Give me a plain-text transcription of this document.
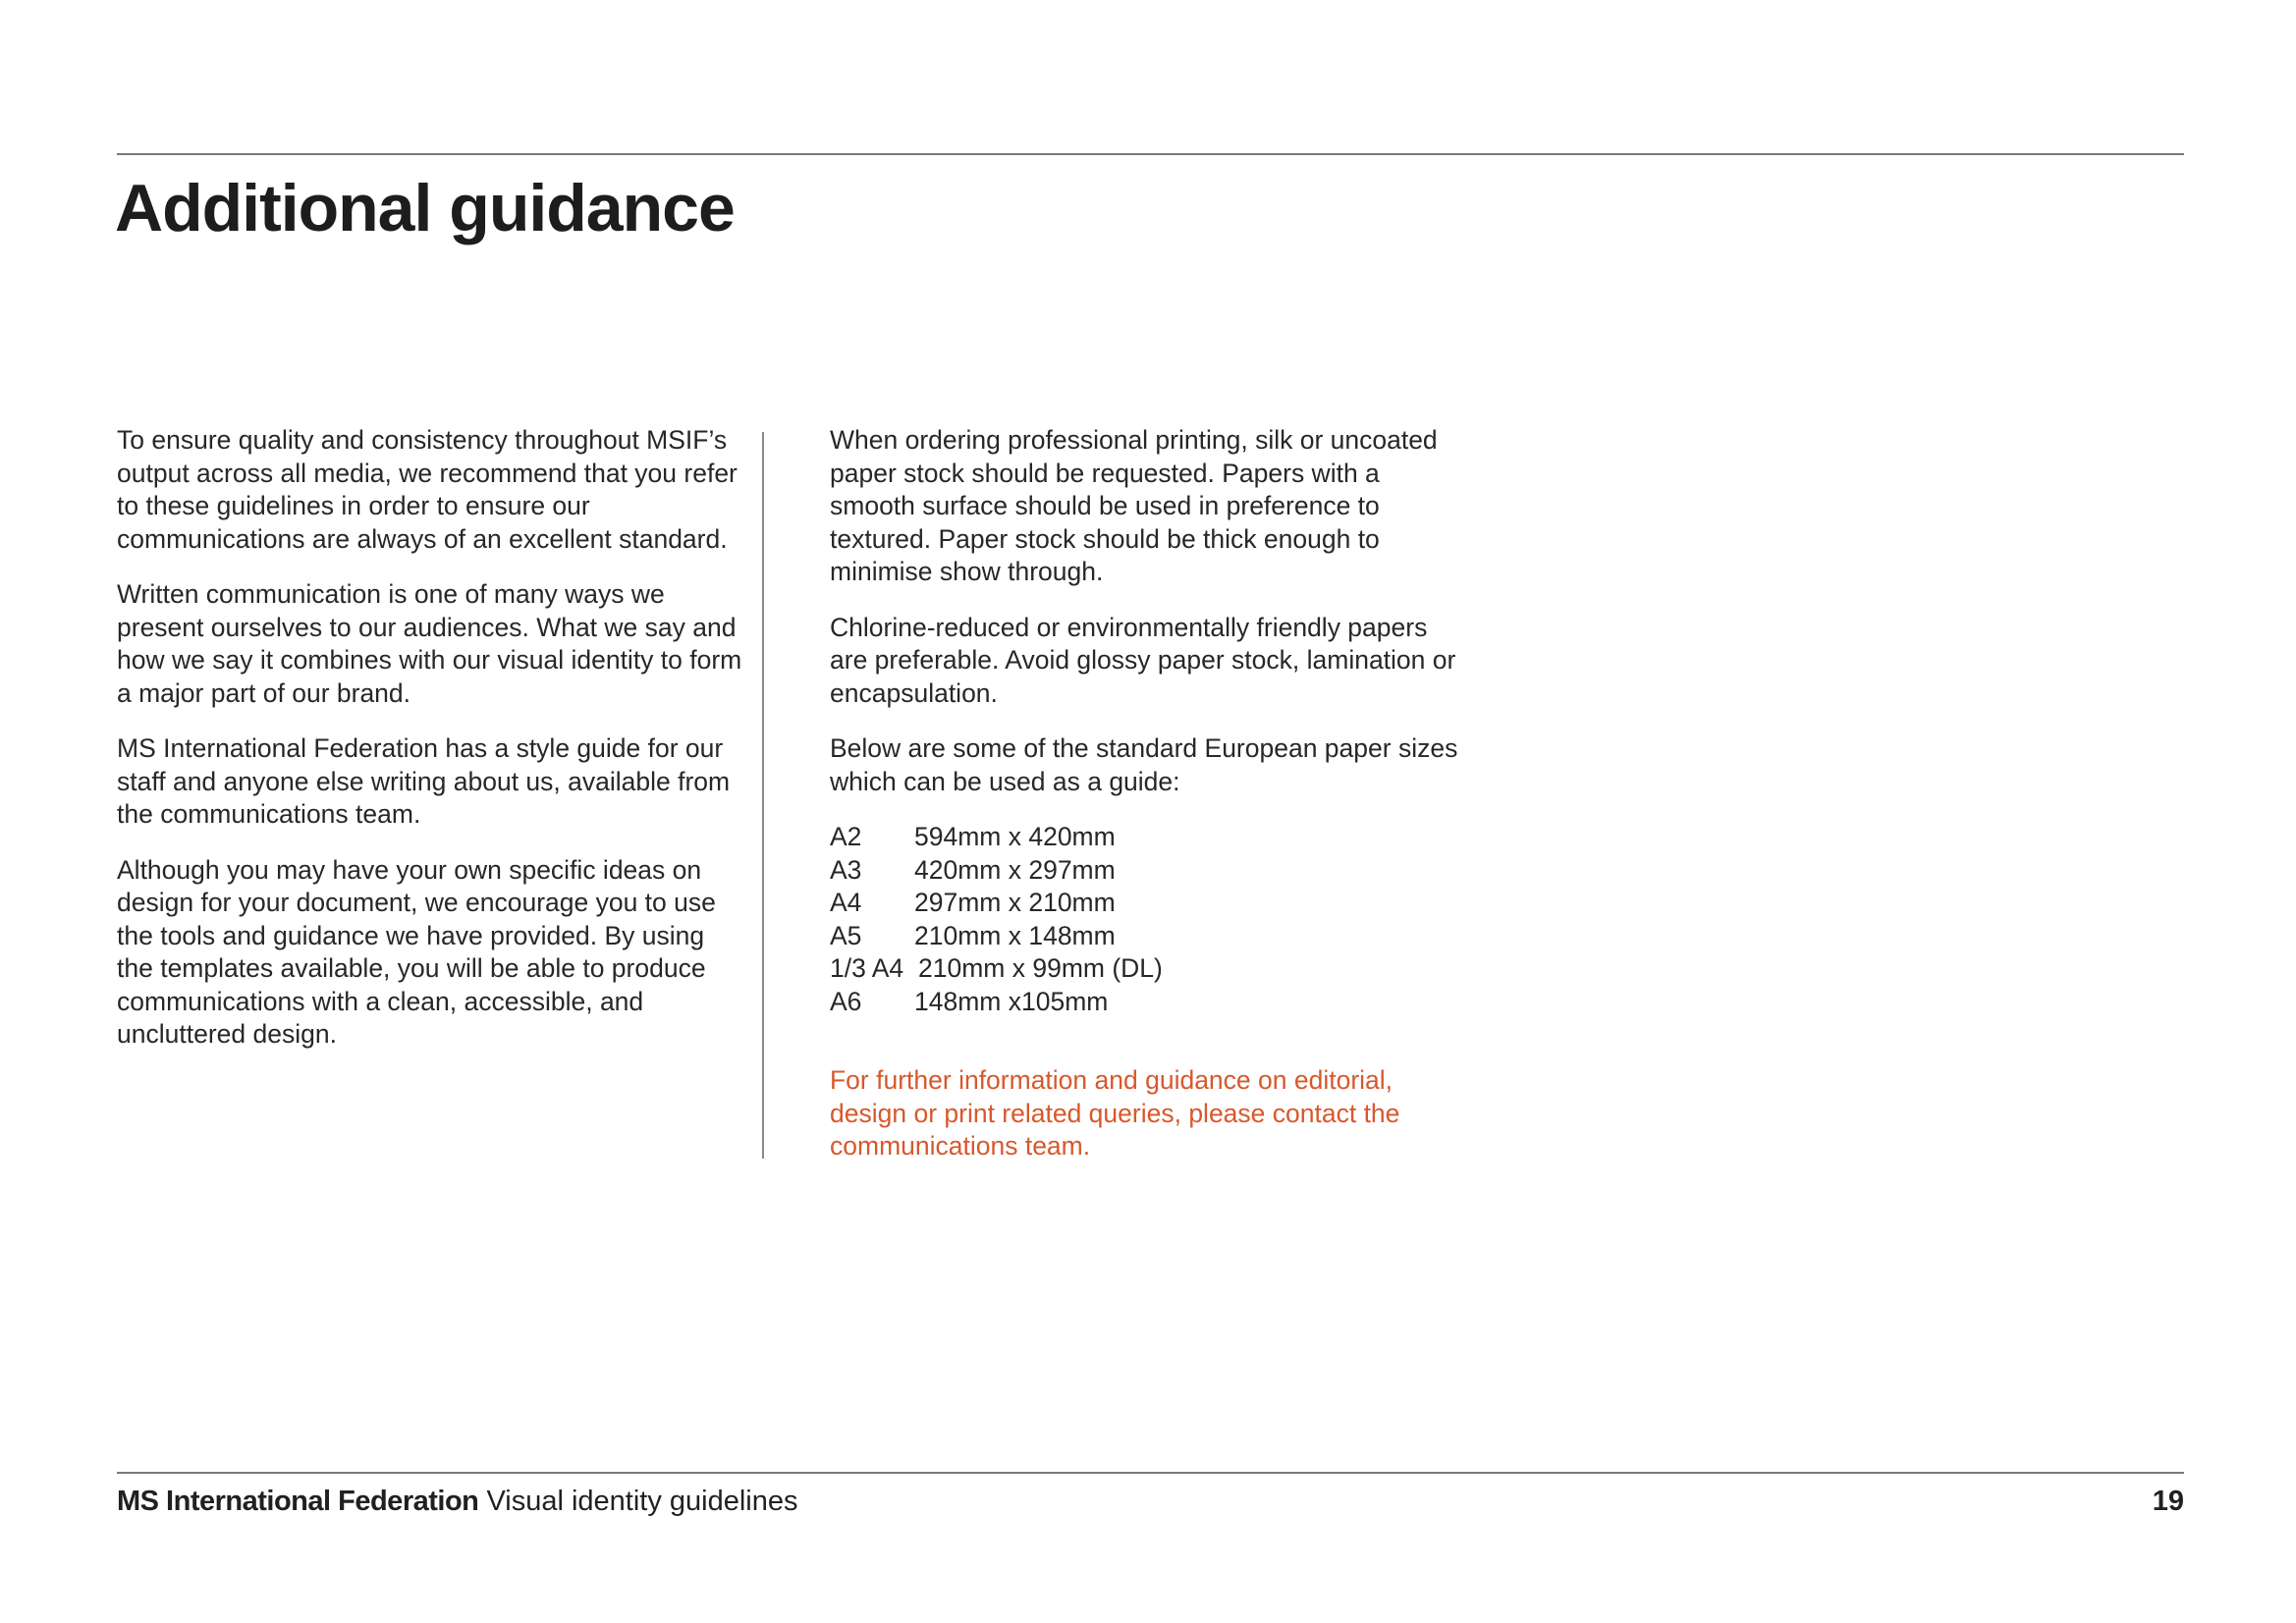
Additional guidance

To ensure quality and consistency throughout MSIF’s output across all media, we recommend that you refer to these guidelines in order to ensure our communications are always of an excellent standard.

Written communication is one of many ways we present ourselves to our audiences. What we say and how we say it combines with our visual identity to form a major part of our brand.

MS International Federation has a style guide for our staff and anyone else writing about us, available from the communications team.

Although you may have your own specific ideas on design for your document, we encourage you to use the tools and guidance we have provided. By using the templates available, you will be able to produce communications with a clean, accessible, and uncluttered design.

When ordering professional printing, silk or uncoated paper stock should be requested. Papers with a smooth surface should be used in preference to textured. Paper stock should be thick enough to minimise show through.

Chlorine-reduced or environmentally friendly papers are preferable. Avoid glossy paper stock, lamination or encapsulation.

Below are some of the standard European paper sizes which can be used as a guide:

A2	594mm x 420mm
A3	420mm x 297mm
A4	297mm x 210mm
A5	210mm x 148mm
1/3 A4 210mm x 99mm (DL)
A6	148mm x105mm

For further information and guidance on editorial, design or print related queries, please contact the communications team.

MS International Federation Visual identity guidelines	19
